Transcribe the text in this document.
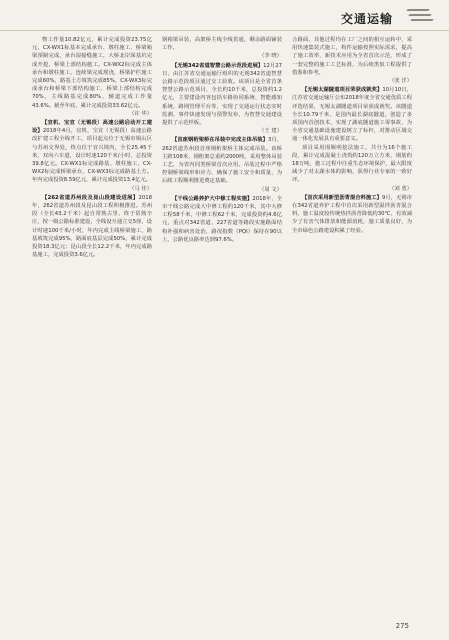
交通运输

物工作量10.82亿元，累计完成投资23.75亿元，CX-WX1标基本完成承台、墩柱施工，桥梁箱梁预制完成，承台湿接缝施工，大桥北岸深基坑完成开挖，桥梁上部结构施工。CX-WX2标完成主体承台和墩柱施工，连续梁完成现浇，桥梁护栏施工完成60%，路基土方填筑完成85%，CX-WX3标完成承台和桥梁下部结构施工，桥梁上部结构完成70%，主线路基完成80%，辅道完成工作量43.6%。截至年底，累计完成投资33.62亿元。

（ 许 华 ）

【宜机、宝宜（无锡段）高速公路启动开工建设】2018年4月，宜机、宝宜（无锡段）高速公路改扩建工程全线开工，项目起点位于无锡市锡山区与苏州交界处，终点位于宜兴境内，全长25.45千米，双向六车道，设计时速120千米/小时，总投资39.8亿元。CX-WX1标完成路基、墩柱施工，CX-WX2标完成桥梁承台，CX-WX3标完成路基土方。年内完成投资8.59亿元，累计完成投资13.4亿元。

（ 马 佳 ）

【262省道苏州段及昆山段建设进展】2018年，262省道苏州段及昆山段工程积极推进。苏州段（全长43.2千米）起自常熟古里，终于常熟辛庄，按一级公路标准建设，全线设互通立交5座，设计时速100千米/小时，年内完成主线桥梁施工，路基填筑完成95%，路面底基层完成50%，累计完成投资18.3亿元；昆山段全长12.2千米，年内完成路基施工，完成投资3.6亿元。

钢箱梁吊装，高架桥主线全线贯通，剩余路面铺装工作。

（ 李 晓 ）

【无锡342省道智慧公路示范段进展】12月27日，由江苏省交通运输厅组织的无锡342省道智慧公路示范段项目通过交工验收。该项目是全省首条智慧公路示范项目，全长约10千米，总投资约1.2亿元，主要建设内容包括车路协同系统、智能感知系统、路网管理平台等，实现了交通运行状态实时监测、事件快速发现与预警发布，为智慧交通建设提供了示范样板。

（ 王 建 ）

【首座钢桁架桥在吊装中完成主体吊装】3月，262省道苏州段首座钢桁架桥主体完成吊装。该桥主跨108米，钢桁架总重约2000吨，采用整体吊装工艺，为省内同类桥梁首次应用。吊装过程中严格控制桥梁线形和应力，确保了施工安全和质量，为后续工程顺利推进奠定基础。

（ 周 文 ）

【干线公路养护大中修工程实施】2018年，全市干线公路完成大中修工程约120千米，其中大修工程58千米，中修工程62千米，完成投资约4.6亿元，重点对342省道、227省道等路段实施路面结构补强和病害处治，路况指数（PQI）保持在90以上，公路优良路率达到97.6%。

合路面，其他过程均在工厂之间的相互运转中，采用快速集装式施工，构件运输按照实际需求，提高了施工效率，新技术应用为全省首次示范，形成了一套完整的施工工艺标准，为后续类似工程提供了借鉴和参考。

（ 张 洋 ）

【无锡太湖隧道项目荣获成就奖】10月10日，江苏省交通运输厅公布2018年度全省交通优质工程评选结果，无锡太湖隧道项目荣获成就奖。该隧道全长10.79千米，是国内最长湖底隧道，创造了多项国内首创技术，实现了湖底隧道施工零事故，为全省交通基础设施建设树立了标杆，对推动区域交通一体化发展具有重要意义。

项目采用围堰明挖法施工，共分为16个施工段，累计完成混凝土浇筑约120万立方米，钢筋约18万吨，施工过程中注重生态环境保护，最大限度减少了对太湖水体的影响，获得行业专家的一致好评。

（ 刘 勇 ）

【首次采用新型沥青混合料施工】9月，无锡市在342省道养护工程中首次采用新型温拌沥青混合料，施工温度较传统热拌沥青降低约30℃，有效减少了有害气体排放和能源消耗，施工质量良好，为全市绿色公路建设积累了经验。

275
